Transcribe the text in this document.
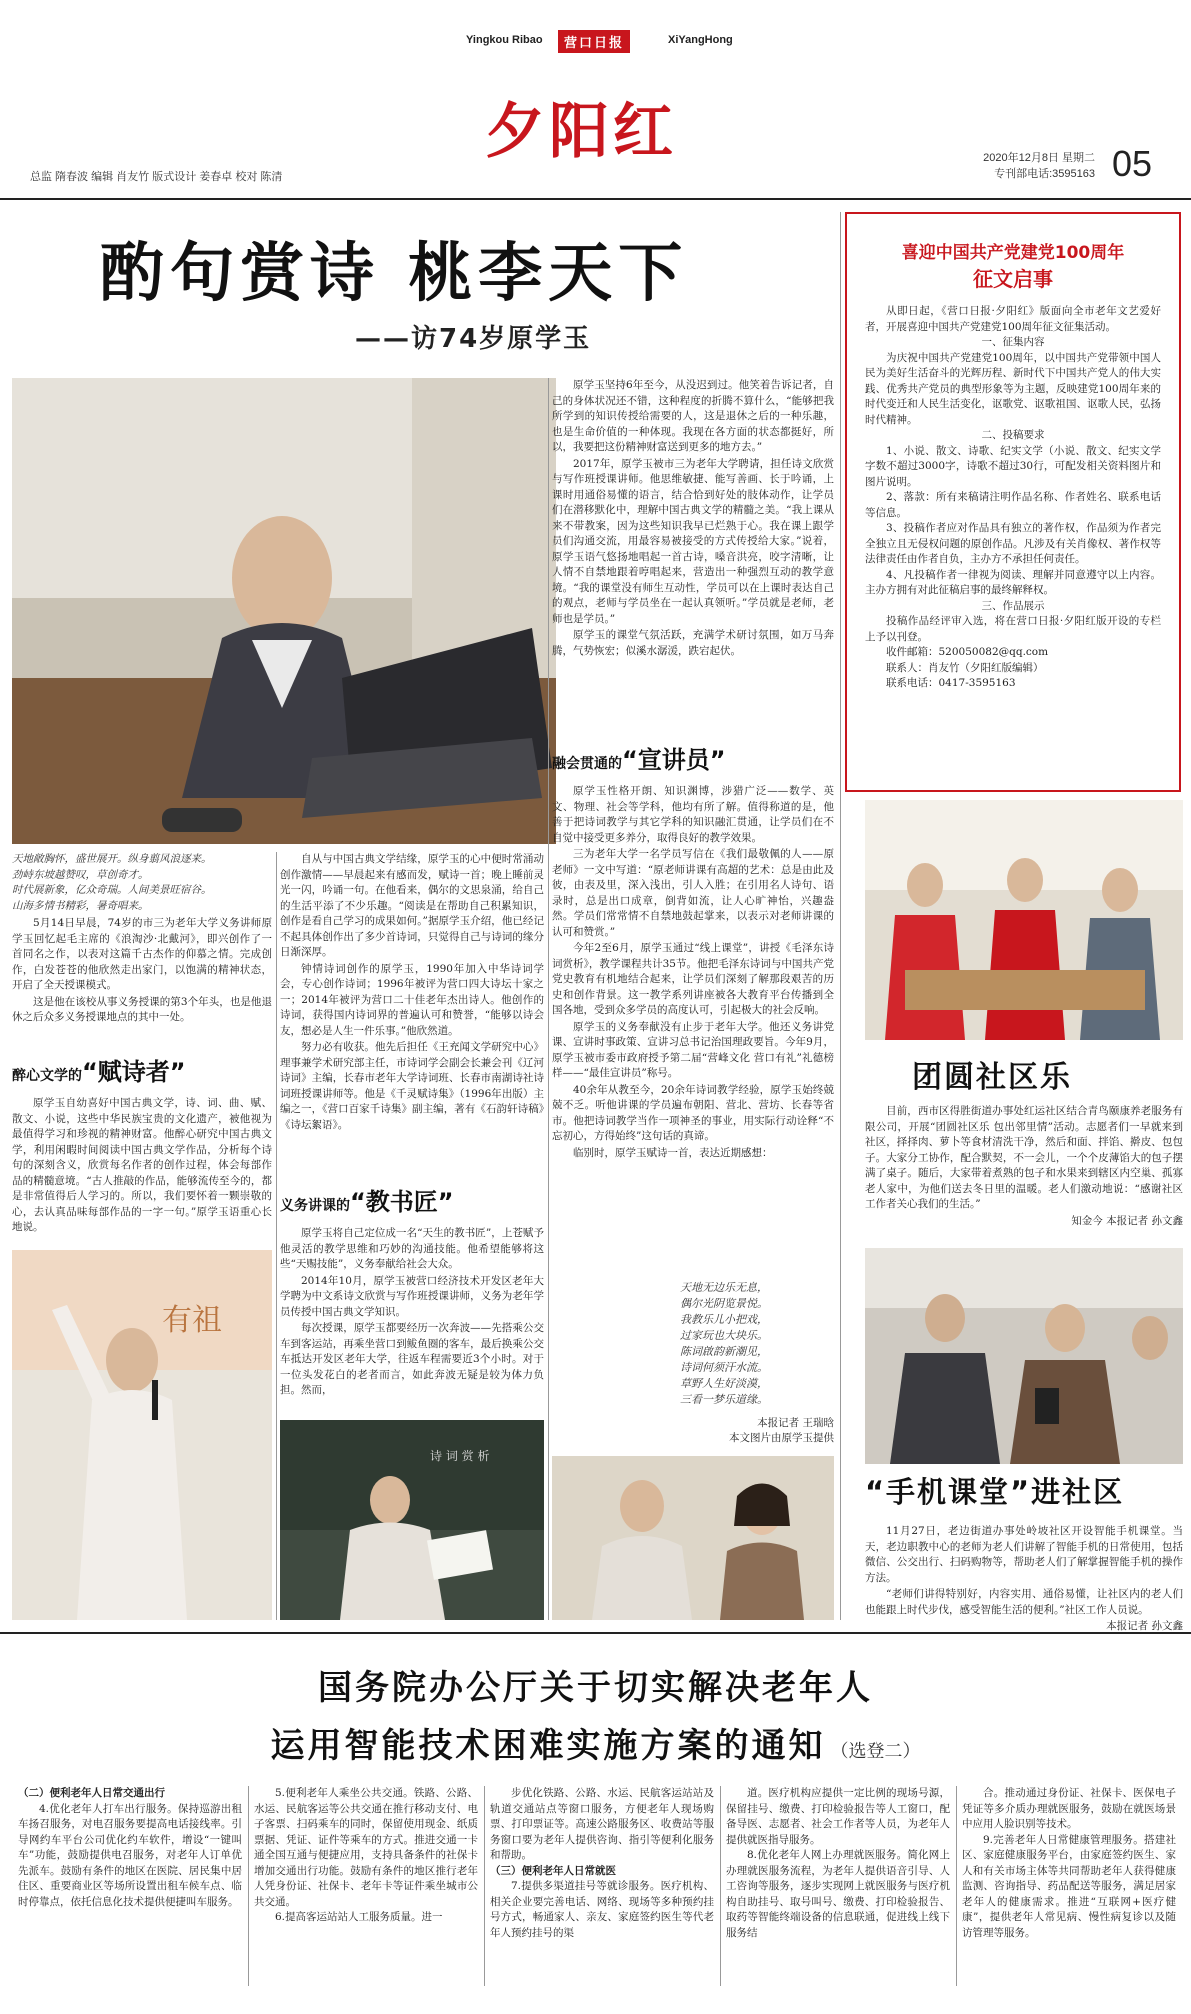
Yingkou Ribao	营口日报	XiYangHong
夕阳红
总监 隋春波 编辑 肖友竹 版式设计 姜春卓 校对 陈清
2020年12月8日 星期二
专刊部电话:3595163 05
酌句赏诗 桃李天下
——访74岁原学玉
天地敞胸怀，盛世展开。纵身翦风浪逐来。
劲峙东坡越赞叹，草创奇才。
时代展新象，亿众奇瑞。人间美景旺宿谷。
山海多情书精彩，暑奇唱来。

5月14日早晨，74岁的市三为老年大学义务讲师原学玉回忆起毛主席的《浪淘沙·北戴河》，即兴创作了一首同名之作，以表对这篇千古杰作的仰慕之情。完成创作，白发苍苍的他欣然走出家门，以饱满的精神状态，开启了全天授课模式。

这是他在该校从事义务授课的第3个年头，也是他退休之后众多义务授课地点的其中一处。

醉心文学的“赋诗者”

原学玉自幼喜好中国古典文学，诗、词、曲、赋、散文、小说，这些中华民族宝贵的文化遗产，被他视为最值得学习和珍视的精神财富。他醉心研究中国古典文学，利用闲暇时间阅读中国古典文学作品，分析每个诗句的深刻含义，欣赏每名作者的创作过程，体会每部作品的精髓意境。“古人推敲的作品，能够流传至今的，都是非常值得后人学习的。所以，我们要怀着一颗崇敬的心，去认真品味每部作品的一字一句。”原学玉语重心长地说。

有祖

自从与中国古典文学结缘，原学玉的心中便时常涌动创作激情——早晨起来有感而发，赋诗一首；晚上睡前灵光一闪，吟诵一句。在他看来，偶尔的文思泉涌，给自己的生活平添了不少乐趣。“阅读是在帮助自己积累知识，创作是看自己学习的成果如何。”据原学玉介绍，他已经记不起具体创作出了多少首诗词，只觉得自己与诗词的缘分日渐深厚。

钟情诗词创作的原学玉，1990年加入中华诗词学会，专心创作诗词；1996年被评为营口四大诗坛十家之一；2014年被评为营口二十佳老年杰出诗人。他创作的诗词，获得国内诗词界的普遍认可和赞誉，“能够以诗会友，想必是人生一件乐事。”他欣然道。

努力必有收获。他先后担任《王充闻文学研究中心》理事兼学术研究部主任，市诗词学会副会长兼会刊《辽河诗词》主编，长春市老年大学诗词班、长春市南湖诗社诗词班授课讲师等。他是《千灵赋诗集》（1996年出版）主编之一，《营口百家千诗集》副主编，著有《石韵轩诗稿》《诗坛絮语》。

义务讲课的“教书匠”

原学玉将自己定位成一名“天生的教书匠”，上苍赋予他灵活的教学思维和巧妙的沟通技能。他希望能够将这些“天赐技能”，义务奉献给社会大众。

2014年10月，原学玉被营口经济技术开发区老年大学聘为中文系诗文欣赏与写作班授课讲师，义务为老年学员传授中国古典文学知识。

每次授课，原学玉都要经历一次奔波——先搭乘公交车到客运站，再乘坐营口到鲅鱼圈的客车，最后换乘公交车抵达开发区老年大学，往返车程需要近3个小时。对于一位头发花白的老者而言，如此奔波无疑是较为体力负担。然而，

诗 词 赏 析

原学玉坚持6年至今，从没迟到过。他笑着告诉记者，自己的身体状况还不错，这种程度的折腾不算什么，“能够把我所学到的知识传授给需要的人，这是退休之后的一种乐趣，也是生命价值的一种体现。我现在各方面的状态都挺好，所以，我要把这份精神财富送到更多的地方去。”

2017年，原学玉被市三为老年大学聘请，担任诗文欣赏与写作班授课讲师。他思维敏捷、能写善画、长于吟诵，上课时用通俗易懂的语言，结合恰到好处的肢体动作，让学员们在潜移默化中，理解中国古典文学的精髓之美。“我上课从来不带教案，因为这些知识我早已烂熟于心。我在课上跟学员们沟通交流，用最容易被接受的方式传授给大家。”说着，原学玉语气悠扬地唱起一首古诗，嗓音洪亮，咬字清晰，让人情不自禁地跟着哼唱起来，营造出一种强烈互动的教学意境。“我的课堂没有师生互动性，学员可以在上课时表达自己的观点，老师与学员坐在一起认真领听。”学员就是老师，老师也是学员。”

原学玉的课堂气氛活跃，充满学术研讨氛围，如万马奔腾，气势恢宏；似溪水潺湲，跌宕起伏。

融会贯通的“宣讲员”

原学玉性格开朗、知识渊博，涉猎广泛——数学、英文、物理、社会等学科，他均有所了解。值得称道的是，他善于把诗词教学与其它学科的知识融汇贯通，让学员们在不自觉中接受更多养分，取得良好的教学效果。

三为老年大学一名学员写信在《我们最敬佩的人——原老师》一文中写道：“原老师讲课有高超的艺术：总是由此及彼，由表及里，深入浅出，引人入胜；在引用名人诗句、语录时，总是出口成章，倒背如流，让人心旷神怡，兴趣盎然。学员们常常情不自禁地鼓起掌来，以表示对老师讲课的认可和赞赏。”

今年2至6月，原学玉通过“线上课堂”，讲授《毛泽东诗词赏析》，教学课程共计35节。他把毛泽东诗词与中国共产党党史教育有机地结合起来，让学员们深刻了解那段艰苦的历史和创作背景。这一教学系列讲座被各大教育平台传播到全国各地，受到众多学员的高度认可，引起极大的社会反响。

原学玉的义务奉献没有止步于老年大学。他还义务讲党课、宣讲时事政策、宣讲习总书记治国理政要旨。今年9月，原学玉被市委市政府授予第二届“营峰文化 营口有礼”礼德榜样——“最佳宣讲员”称号。

40余年从教至今，20余年诗词教学经验，原学玉始终兢兢不乏。听他讲课的学员遍布朝阳、营北、营坊、长春等省市。他把诗词教学当作一项神圣的事业，用实际行动诠释“不忘初心，方得始终”这句话的真谛。

临别时，原学玉赋诗一首，表达近期感想：

天地无边乐无息，
偶尔光阴览景悦。
我教乐儿小把戏，
过家玩也大块乐。
陈词啟韵新潮见，
诗词何须汗水流。
草野人生好淡漠，
三看一梦乐道缘。
本报记者 王瑞晗
本文图片由原学玉提供
喜迎中国共产党建党100周年
征文启事

从即日起，《营口日报·夕阳红》版面向全市老年文艺爱好者，开展喜迎中国共产党建党100周年征文征集活动。

一、征集内容

为庆祝中国共产党建党100周年，以中国共产党带领中国人民为美好生活奋斗的光辉历程、新时代下中国共产党人的伟大实践、优秀共产党员的典型形象等为主题，反映建党100周年来的时代变迁和人民生活变化，讴歌党、讴歌祖国、讴歌人民，弘扬时代精神。

二、投稿要求

1、小说、散文、诗歌、纪实文学（小说、散文、纪实文学字数不超过3000字，诗歌不超过30行，可配发相关资料图片和图片说明。

2、落款：所有来稿请注明作品名称、作者姓名、联系电话等信息。

3、投稿作者应对作品具有独立的著作权，作品须为作者完全独立且无侵权问题的原创作品。凡涉及有关肖像权、著作权等法律责任由作者自负，主办方不承担任何责任。

4、凡投稿作者一律视为阅读、理解并同意遵守以上内容。主办方拥有对此征稿启事的最终解释权。

三、作品展示

投稿作品经评审入选，将在营口日报·夕阳红版开设的专栏上予以刊登。

收件邮箱：520050082@qq.com

联系人：肖友竹（夕阳红版编辑）

联系电话：0417-3595163

团圆社区乐

目前，西市区得胜街道办事处红运社区结合青鸟颐康养老服务有限公司，开展“团圆社区乐 包出邻里情”活动。志愿者们一早就来到社区，择择肉、萝卜等食材清洗干净，然后和面、拌馅、擀皮、包包子。大家分工协作，配合默契，不一会儿，一个个皮薄馅大的包子摆满了桌子。随后，大家带着煮熟的包子和水果来到辖区内空巢、孤寡老人家中，为他们送去冬日里的温暖。老人们激动地说：“感谢社区工作者关心我们的生活。”

知金今 本报记者 孙文鑫
“手机课堂”进社区

11月27日，老边街道办事处岭坡社区开设智能手机课堂。当天，老边职教中心的老师为老人们讲解了智能手机的日常使用，包括微信、公交出行、扫码购物等，帮助老人们了解掌握智能手机的操作方法。

“老师们讲得特别好，内容实用、通俗易懂，让社区内的老人们也能跟上时代步伐，感受智能生活的便利。”社区工作人员说。

本报记者 孙文鑫
国务院办公厅关于切实解决老年人
运用智能技术困难实施方案的通知 （选登二）
（二）便利老年人日常交通出行

4.优化老年人打车出行服务。保持巡游出租车扬召服务，对电召服务要提高电话接线率。引导网约车平台公司优化约车软件，增设“一键叫车”功能，鼓励提供电召服务，对老年人订单优先派车。鼓励有条件的地区在医院、居民集中居住区、重要商业区等场所设置出租车候车点、临时停靠点，依托信息化技术提供便捷叫车服务。

5.便利老年人乘坐公共交通。铁路、公路、水运、民航客运等公共交通在推行移动支付、电子客票、扫码乘车的同时，保留使用现金、纸质票据、凭证、证件等乘车的方式。推进交通一卡通全国互通与便捷应用，支持具备条件的社保卡增加交通出行功能。鼓励有条件的地区推行老年人凭身份证、社保卡、老年卡等证件乘坐城市公共交通。

6.提高客运站站人工服务质量。进一

步优化铁路、公路、水运、民航客运站站及轨道交通站点等窗口服务，方便老年人现场购票、打印票证等。高速公路服务区、收费站等服务窗口要为老年人提供咨询、指引等便利化服务和帮助。

（三）便利老年人日常就医

7.提供多渠道挂号等就诊服务。医疗机构、相关企业要完善电话、网络、现场等多种预约挂号方式，畅通家人、亲友、家庭签约医生等代老年人预约挂号的渠

道。医疗机构应提供一定比例的现场号源，保留挂号、缴费、打印检验报告等人工窗口，配备导医、志愿者、社会工作者等人员，为老年人提供就医指导服务。

8.优化老年人网上办理就医服务。简化网上办理就医服务流程，为老年人提供语音引导、人工咨询等服务，逐步实现网上就医服务与医疗机构自助挂号、取号叫号、缴费、打印检验报告、取药等智能终端设备的信息联通，促进线上线下服务结

合。推动通过身份证、社保卡、医保电子凭证等多介质办理就医服务，鼓励在就医场景中应用人脸识别等技术。

9.完善老年人日常健康管理服务。搭建社区、家庭健康服务平台，由家庭签约医生、家人和有关市场主体等共同帮助老年人获得健康监测、咨询指导、药品配送等服务，满足居家老年人的健康需求。推进“互联网+医疗健康”，提供老年人常见病、慢性病复诊以及随访管理等服务。
